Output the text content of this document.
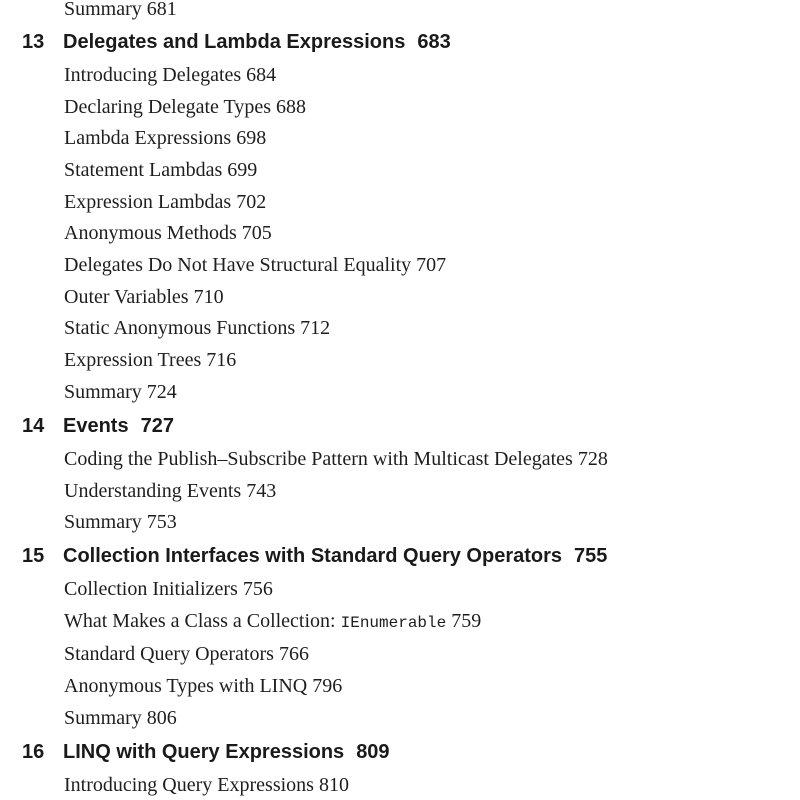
Summary 681
13 Delegates and Lambda Expressions 683
Introducing Delegates 684
Declaring Delegate Types 688
Lambda Expressions 698
Statement Lambdas 699
Expression Lambdas 702
Anonymous Methods 705
Delegates Do Not Have Structural Equality 707
Outer Variables 710
Static Anonymous Functions 712
Expression Trees 716
Summary 724
14 Events 727
Coding the Publish–Subscribe Pattern with Multicast Delegates 728
Understanding Events 743
Summary 753
15 Collection Interfaces with Standard Query Operators 755
Collection Initializers 756
What Makes a Class a Collection: IEnumerable 759
Standard Query Operators 766
Anonymous Types with LINQ 796
Summary 806
16 LINQ with Query Expressions 809
Introducing Query Expressions 810
